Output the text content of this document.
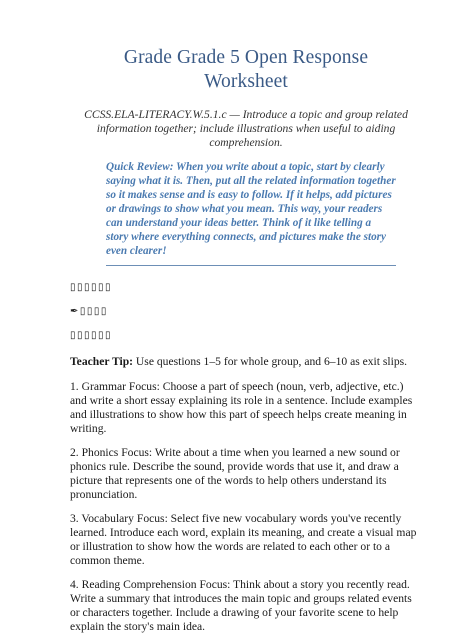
Grade Grade 5 Open Response
Worksheet

CCSS.ELA-LITERACY.W.5.1.c — Introduce a topic and group related information together; include illustrations when useful to aiding comprehension.

Quick Review: When you write about a topic, start by clearly saying what it is. Then, put all the related information together so it makes sense and is easy to follow. If it helps, add pictures or drawings to show what you mean. This way, your readers can understand your ideas better. Think of it like telling a story where everything connects, and pictures make the story even clearer!

▯▯▯▯▯▯

✒▯▯▯▯

▯▯▯▯▯▯

Teacher Tip: Use questions 1–5 for whole group, and 6–10 as exit slips.

1. Grammar Focus: Choose a part of speech (noun, verb, adjective, etc.) and write a short essay explaining its role in a sentence. Include examples and illustrations to show how this part of speech helps create meaning in writing.

2. Phonics Focus: Write about a time when you learned a new sound or phonics rule. Describe the sound, provide words that use it, and draw a picture that represents one of the words to help others understand its pronunciation.

3. Vocabulary Focus: Select five new vocabulary words you've recently learned. Introduce each word, explain its meaning, and create a visual map or illustration to show how the words are related to each other or to a common theme.

4. Reading Comprehension Focus: Think about a story you recently read. Write a summary that introduces the main topic and groups related events or characters together. Include a drawing of your favorite scene to help explain the story's main idea.
